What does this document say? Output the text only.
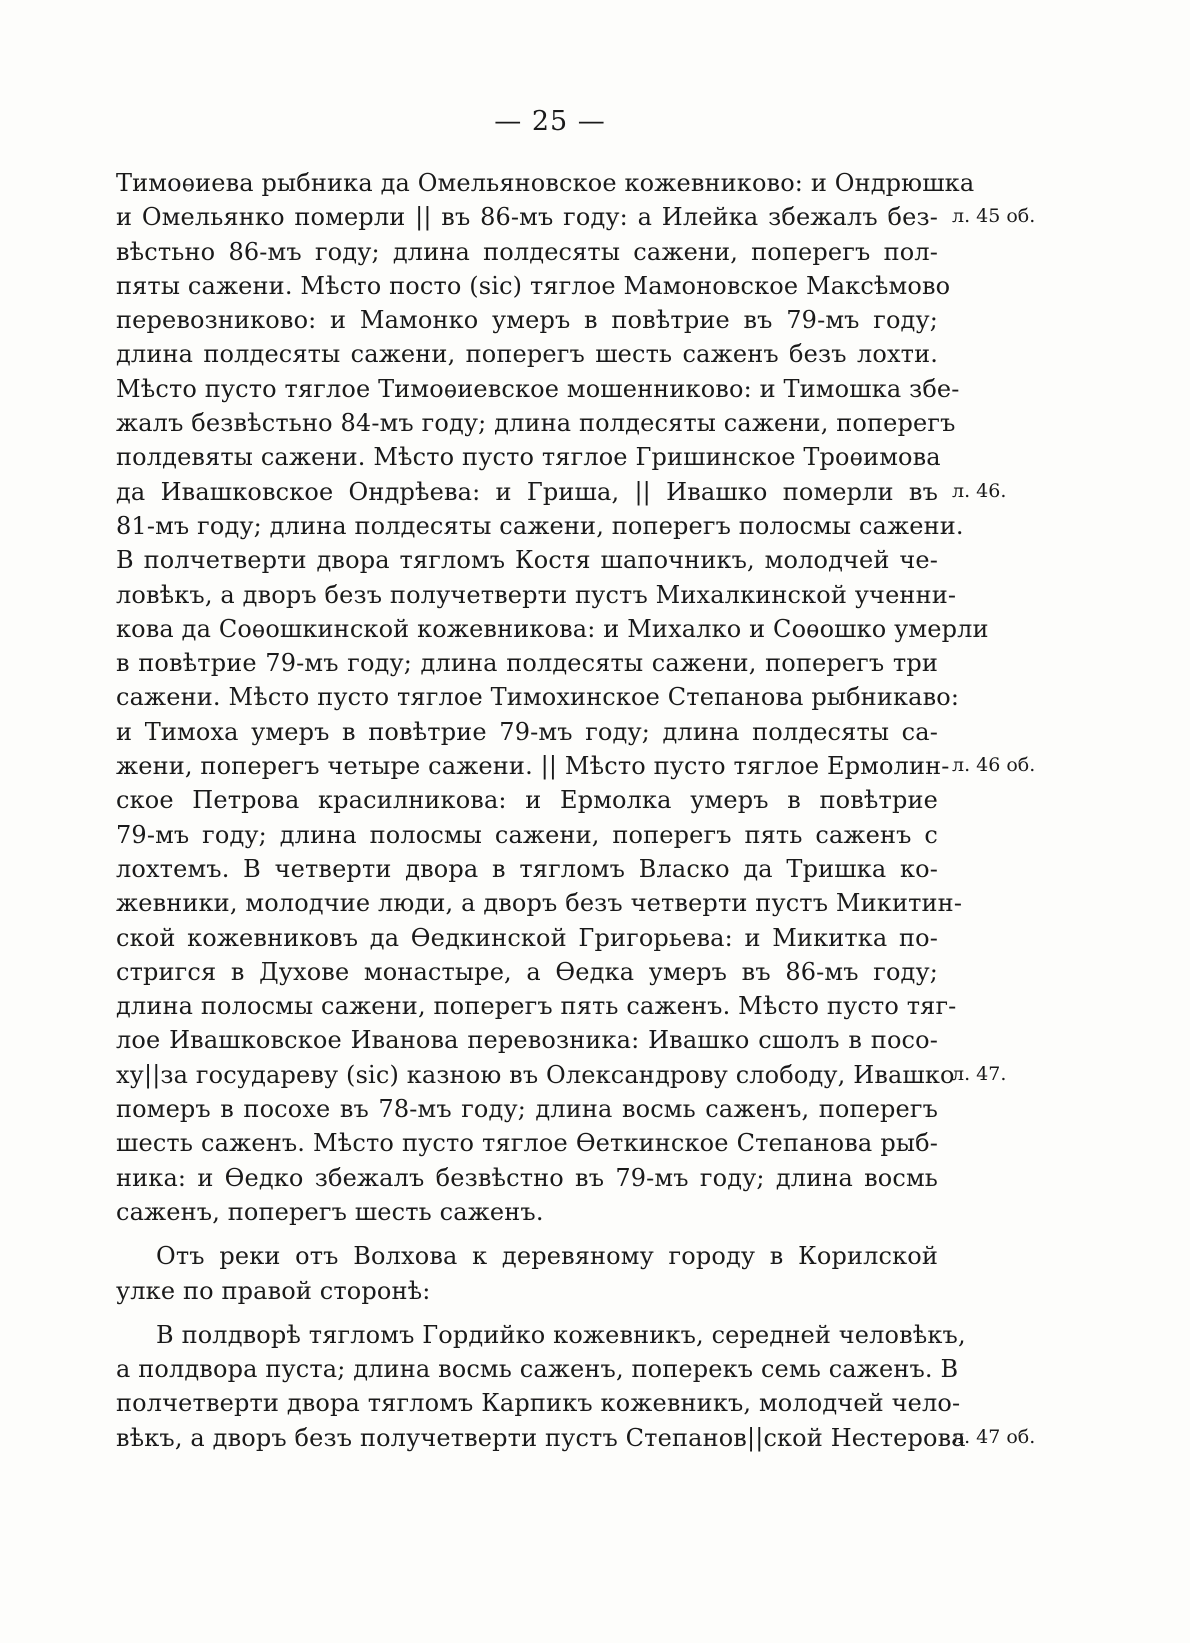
— 25 —
Тимоѳиева рыбника да Омельяновское кожевниково: и Ондрюшка
и Омельянко померли || въ 86-мъ году: а Илейка збежалъ без-
вѣстьно 86-мъ году; длина полдесяты сажени, поперегъ пол-
пяты сажени. Мѣсто посто (sic) тяглое Мамоновское Максѣмово
перевозниково: и Мамонко умеръ в повѣтрие въ 79-мъ году;
длина полдесяты сажени, поперегъ шесть саженъ безъ лохти.
Мѣсто пусто тяглое Тимоѳиевское мошенниково: и Тимошка збе-
жалъ безвѣстьно 84-мъ году; длина полдесяты сажени, поперегъ
полдевяты сажени. Мѣсто пусто тяглое Гришинское Троѳимова
да Ивашковское Ондрѣева: и Гриша, || Ивашко померли въ
81-мъ году; длина полдесяты сажени, поперегъ полосмы сажени.
В полчетверти двора тягломъ Костя шапочникъ, молодчей че-
ловѣкъ, а дворъ безъ получетверти пустъ Михалкинской ученни-
кова да Соѳошкинской кожевникова: и Михалко и Соѳошко умерли
в повѣтрие 79-мъ году; длина полдесяты сажени, поперегъ три
сажени. Мѣсто пусто тяглое Тимохинское Степанова рыбникаво:
и Тимоха умеръ в повѣтрие 79-мъ году; длина полдесяты са-
жени, поперегъ четыре сажени. || Мѣсто пусто тяглое Ермолин-
ское Петрова красилникова: и Ермолка умеръ в повѣтрие
79-мъ году; длина полосмы сажени, поперегъ пять саженъ с
лохтемъ. В четверти двора в тягломъ Власко да Тришка ко-
жевники, молодчие люди, а дворъ безъ четверти пустъ Микитин-
ской кожевниковъ да Ѳедкинской Григорьева: и Микитка по-
стригся в Духове монастыре, а Ѳедка умеръ въ 86-мъ году;
длина полосмы сажени, поперегъ пять саженъ. Мѣсто пусто тяг-
лое Ивашковское Иванова перевозника: Ивашко сшолъ в посо-
ху||за государеву (sic) казною въ Олександрову слободу, Ивашко
померъ в посохе въ 78-мъ году; длина восмь саженъ, поперегъ
шесть саженъ. Мѣсто пусто тяглое Ѳеткинское Степанова рыб-
ника: и Ѳедко збежалъ безвѣстно въ 79-мъ году; длина восмь
саженъ, поперегъ шесть саженъ.
Отъ реки отъ Волхова к деревяному городу в Корилской
улке по правой сторонѣ:
В полдворѣ тягломъ Гордийко кожевникъ, середней человѣкъ,
а полдвора пуста; длина восмь саженъ, поперекъ семь саженъ. В
полчетверти двора тягломъ Карпикъ кожевникъ, молодчей чело-
вѣкъ, а дворъ безъ получетверти пустъ Степанов||ской Нестерова
л. 45 об.
л. 46.
л. 46 об.
л. 47.
л. 47 об.
